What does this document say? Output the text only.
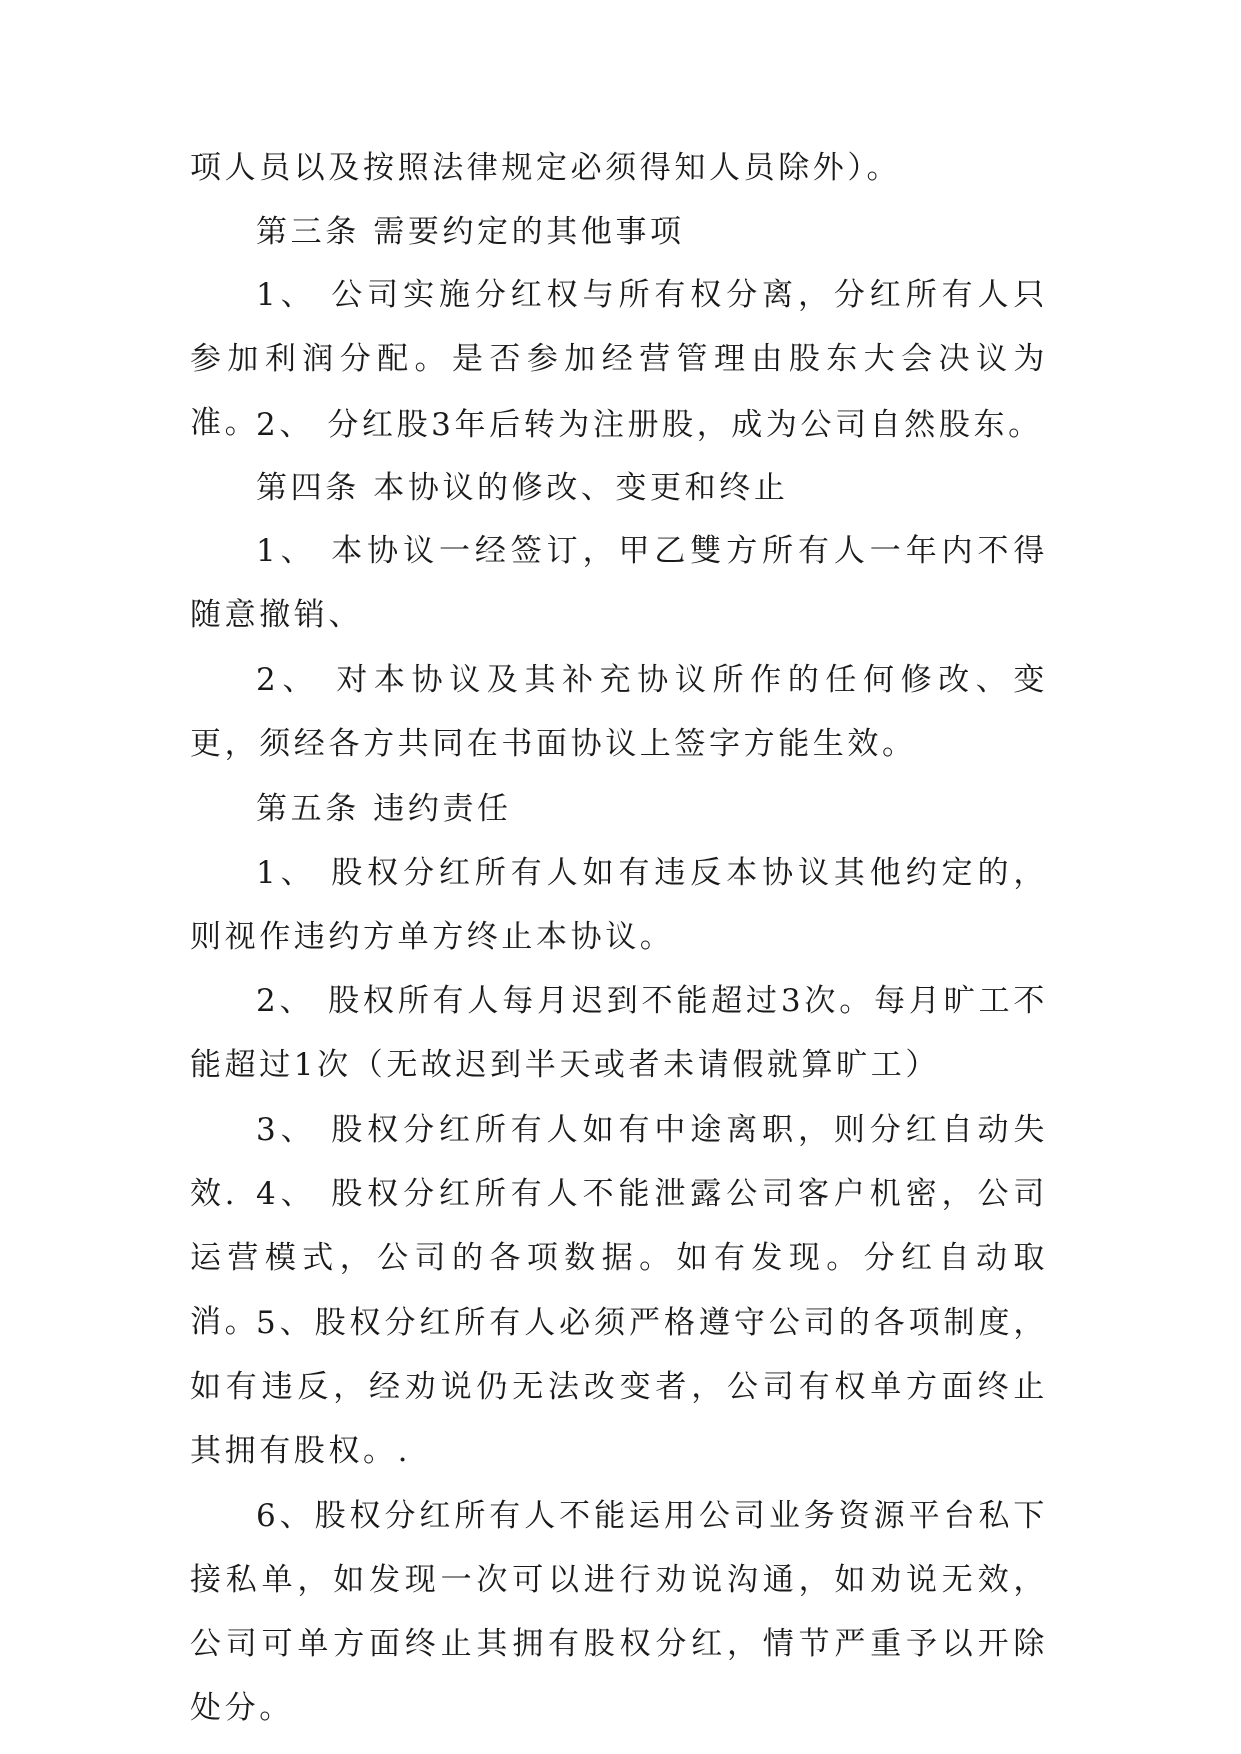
项人员以及按照法律规定必须得知人员除外）。

第三条 需要约定的其他事项

1、 公司实施分红权与所有权分离，分红所有人只参加利润分配。是否参加经营管理由股东大会决议为准。

2、 分红股3年后转为注册股，成为公司自然股东。

第四条 本协议的修改、变更和终止

1、 本协议一经签订，甲乙雙方所有人一年内不得随意撤销、

2、 对本协议及其补充协议所作的任何修改、变更，须经各方共同在书面协议上签字方能生效。

第五条 违约责任

1、 股权分红所有人如有违反本协议其他约定的，则视作违约方单方终止本协议。

2、 股权所有人每月迟到不能超过3次。每月旷工不能超过1次（无故迟到半天或者未请假就算旷工）

3、 股权分红所有人如有中途离职，则分红自动失效. 4、 股权分红所有人不能泄露公司客户机密，公司运营模式，公司的各项数据。如有发现。分红自动取消。

5、股权分红所有人必须严格遵守公司的各项制度，如有违反，经劝说仍无法改变者，公司有权单方面终止其拥有股权。.

6、股权分红所有人不能运用公司业务资源平台私下接私单，如发现一次可以进行劝说沟通，如劝说无效，公司可单方面终止其拥有股权分红，情节严重予以开除处分。
